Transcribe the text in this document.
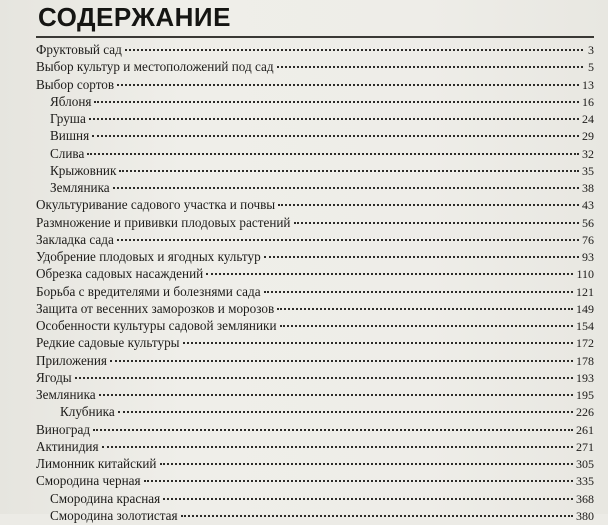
СОДЕРЖАНИЕ
Фруктовый сад	3
Выбор культур и местоположений под сад	5
Выбор сортов	13
Яблоня	16
Груша	24
Вишня	29
Слива	32
Крыжовник	35
Земляника	38
Окультуривание садового участка и почвы	43
Размножение и прививки плодовых растений	56
Закладка сада	76
Удобрение плодовых и ягодных культур	93
Обрезка садовых насаждений	110
Борьба с вредителями и болезнями сада	121
Защита от весенних заморозков и морозов	149
Особенности культуры садовой земляники	154
Редкие садовые культуры	172
Приложения	178
Ягоды	193
Земляника	195
Клубника	226
Виноград	261
Актинидия	271
Лимонник китайский	305
Смородина черная	335
Смородина красная	368
Смородина золотистая	380
